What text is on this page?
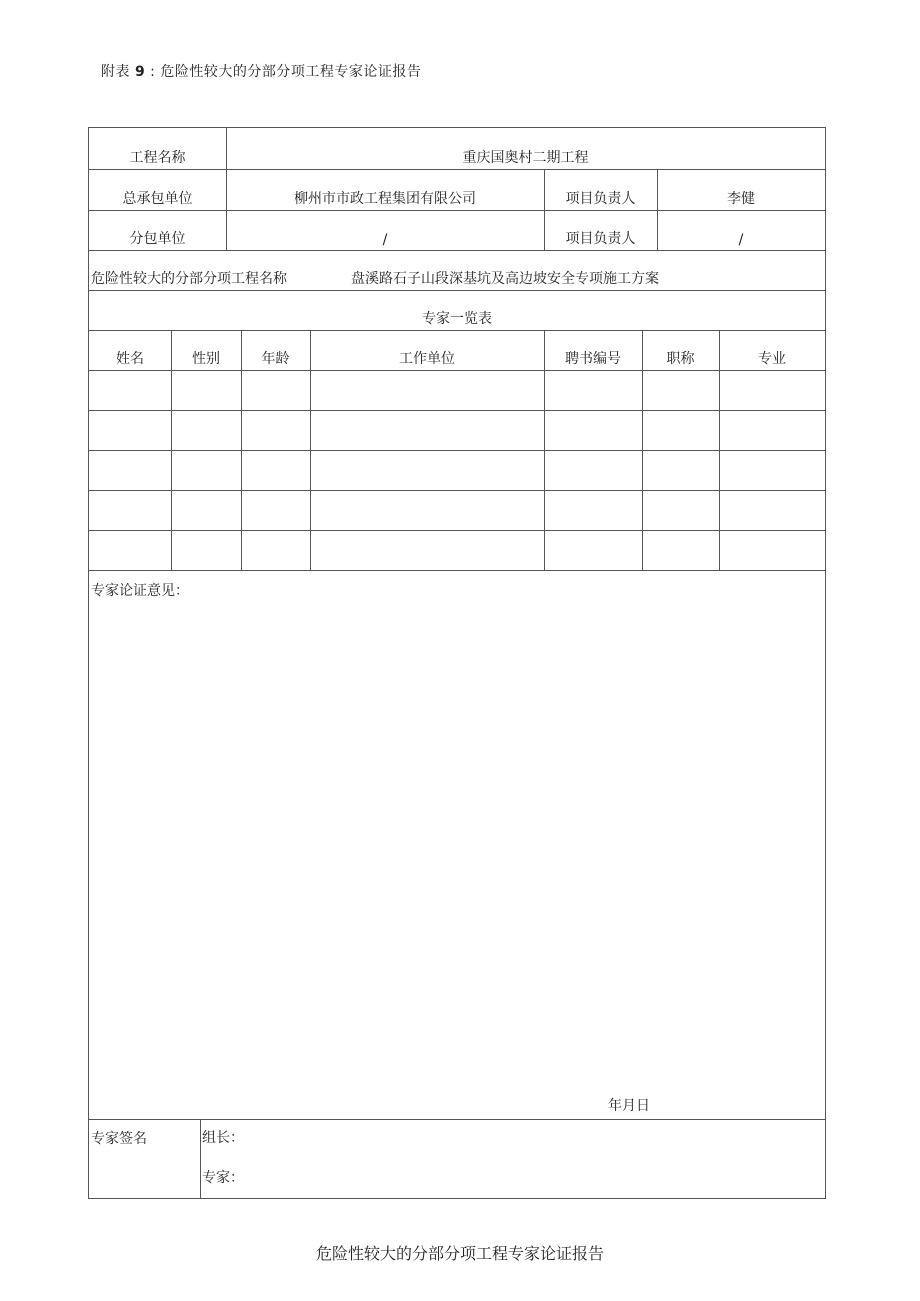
附表 9 : 危险性较大的分部分项工程专家论证报告
工程名称	重庆国奥村二期工程
总承包单位	柳州市市政工程集团有限公司	项目负责人	李健
分包单位	/	项目负责人	/
危险性较大的分部分项工程名称	盘溪路石子山段深基坑及高边坡安全专项施工方案
专家一览表
姓名	性别	年龄	工作单位	聘书编号	职称	专业
专家论证意见：
年月日
专家签名	组长：
专家：
危险性较大的分部分项工程专家论证报告
